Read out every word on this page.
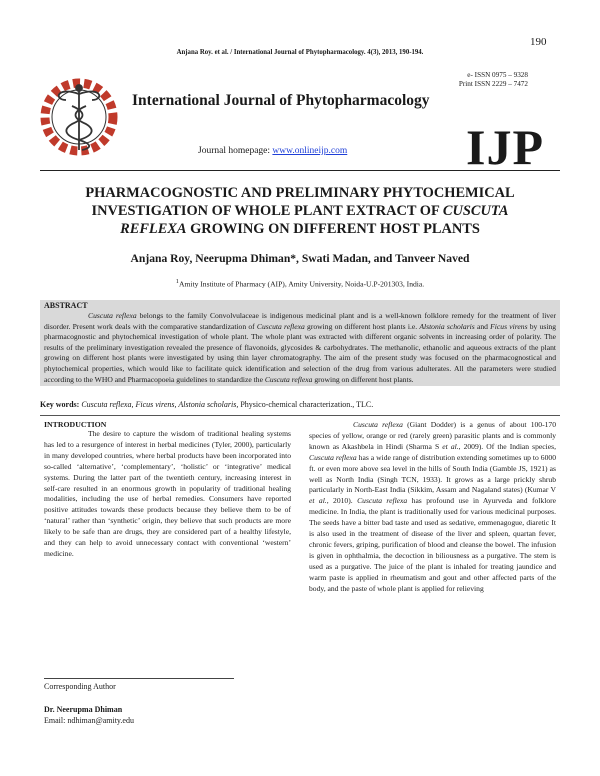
190
Anjana Roy. et al. / International Journal of Phytopharmacology. 4(3), 2013, 190-194.
e- ISSN 0975 – 9328
Print ISSN 2229 – 7472
International Journal of Phytopharmacology
Journal homepage: www.onlineijp.com IJP
PHARMACOGNOSTIC AND PRELIMINARY PHYTOCHEMICAL
INVESTIGATION OF WHOLE PLANT EXTRACT OF CUSCUTA
REFLEXA GROWING ON DIFFERENT HOST PLANTS
Anjana Roy, Neerupma Dhiman*, Swati Madan, and Tanveer Naved
$^1$Amity Institute of Pharmacy (AIP), Amity University, Noida-U.P-201303, India.
ABSTRACT

Cuscuta reflexa belongs to the family Convolvulaceae is indigenous medicinal plant and is a well-known folklore remedy for the treatment of liver disorder. Present work deals with the comparative standardization of Cuscuta reflexa growing on different host plants i.e. Alstonia scholaris and Ficus virens by using pharmacognostic and phytochemical investigation of whole plant. The whole plant was extracted with different organic solvents in increasing order of polarity. The results of the preliminary investigation revealed the presence of flavonoids, glycosides & carbohydrates. The methanolic, ethanolic and aqueous extracts of the plant growing on different host plants were investigated by using thin layer chromatography. The aim of the present study was focused on the pharmacognostical and phytochemical properties, which would like to facilitate quick identification and selection of the drug from various adulterates. All the parameters were studied according to the WHO and Pharmacopoeia guidelines to standardize the Cuscuta reflexa growing on different host plants.

Key words: Cuscuta reflexa, Ficus virens, Alstonia scholaris, Physico-chemical characterization., TLC.
INTRODUCTION

The desire to capture the wisdom of traditional healing systems has led to a resurgence of interest in herbal medicines (Tyler, 2000), particularly in many developed countries, where herbal products have been incorporated into so-called ‘alternative’, ‘complementary’, ‘holistic’ or ‘integrative’ medical systems. During the latter part of the twentieth century, increasing interest in self-care resulted in an enormous growth in popularity of traditional healing modalities, including the use of herbal remedies. Consumers have reported positive attitudes towards these products because they believe them to be of ‘natural’ rather than ‘synthetic’ origin, they believe that such products are more likely to be safe than are drugs, they are considered part of a healthy lifestyle, and they can help to avoid unnecessary contact with conventional ‘western’ medicine.

Corresponding Author
Dr. Neerupma Dhiman
Email: ndhiman@amity.edu

Cuscuta reflexa (Giant Dodder) is a genus of about 100-170 species of yellow, orange or red (rarely green) parasitic plants and is commonly known as Akashbela in Hindi (Sharma S et al., 2009). Of the Indian species, Cuscuta reflexa has a wide range of distribution extending sometimes up to 6000 ft. or even more above sea level in the hills of South India (Gamble JS, 1921) as well as North India (Singh TCN, 1933). It grows as a large prickly shrub particularly in North-East India (Sikkim, Assam and Nagaland states) (Kumar V et al., 2010). Cuscuta reflexa has profound use in Ayurveda and folklore medicine. In India, the plant is traditionally used for various medicinal purposes. The seeds have a bitter bad taste and used as sedative, emmenagogue, diaretic It is also used in the treatment of disease of the liver and spleen, quartan fever, chronic fevers, griping, purification of blood and cleanse the bowel. The infusion is given in ophthalmia, the decoction in biliousness as a purgative. The stem is used as a purgative. The juice of the plant is inhaled for treating jaundice and warm paste is applied in rheumatism and gout and other affected parts of the body, and the paste of whole plant is applied for relieving
